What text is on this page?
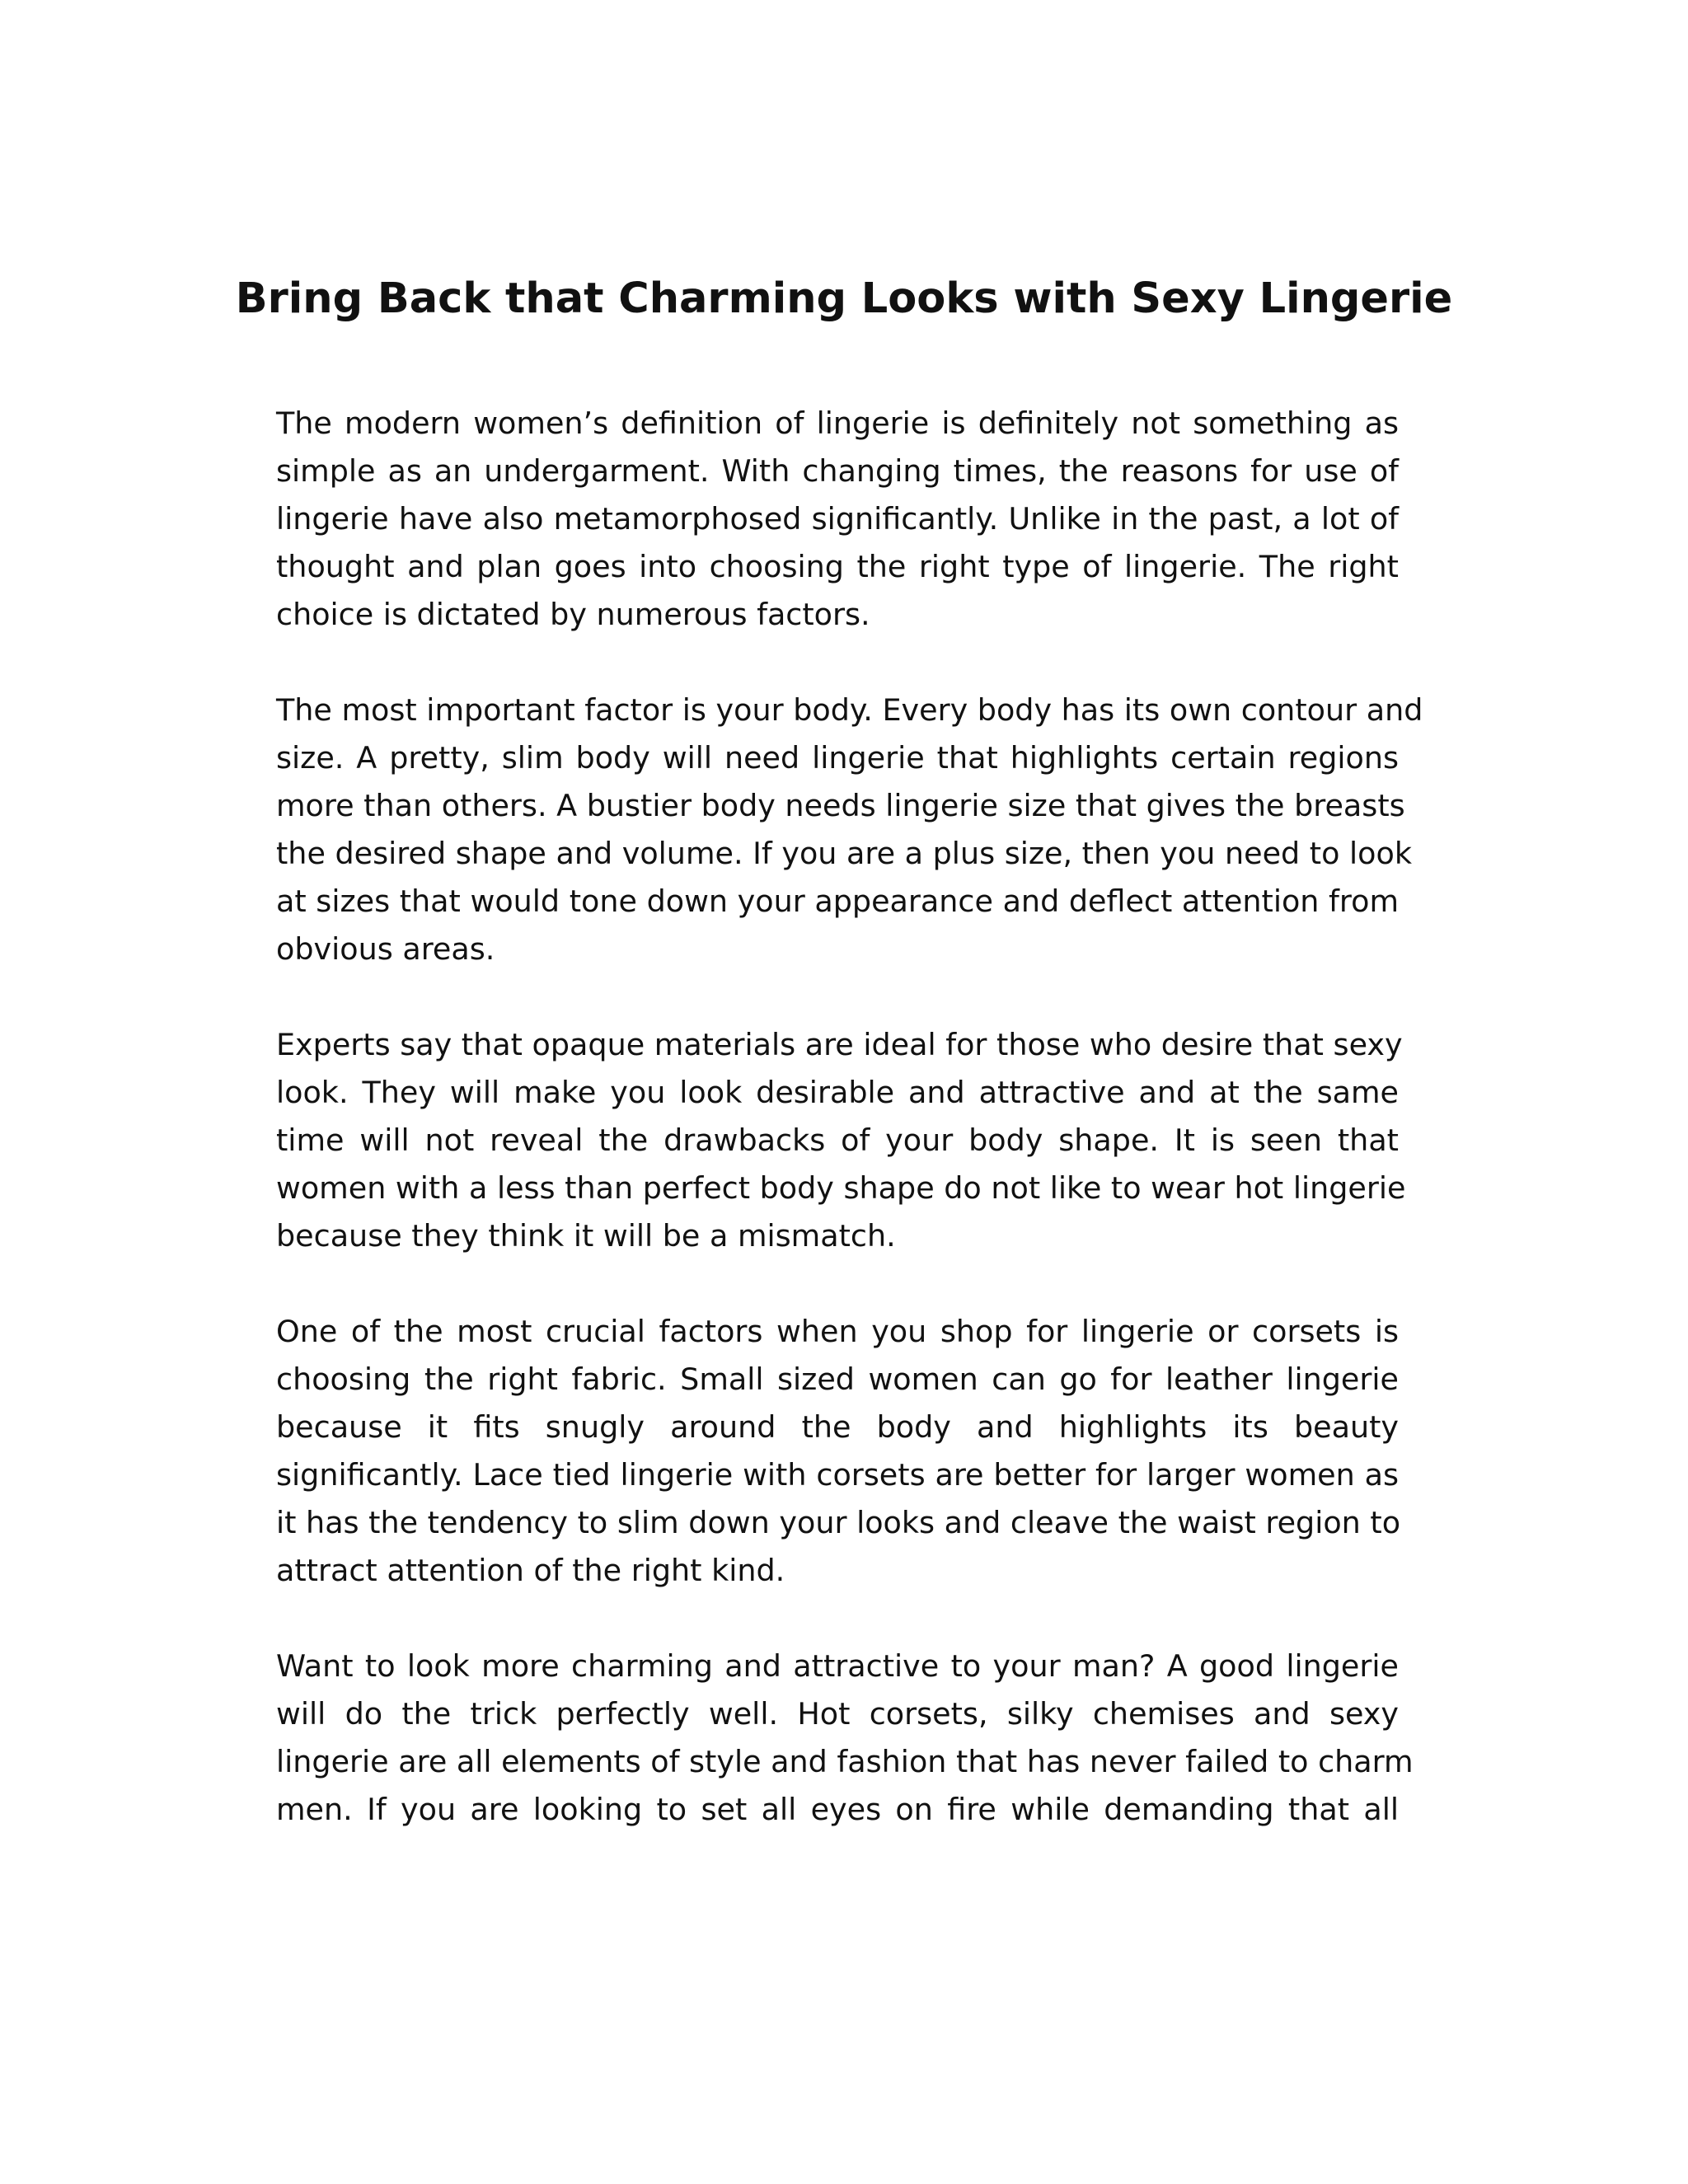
Bring Back that Charming Looks with Sexy Lingerie

The modern women’s definition of lingerie is definitely not something as
simple as an undergarment. With changing times, the reasons for use of
lingerie have also metamorphosed significantly. Unlike in the past, a lot of
thought and plan goes into choosing the right type of lingerie. The right
choice is dictated by numerous factors.

The most important factor is your body. Every body has its own contour and
size. A pretty, slim body will need lingerie that highlights certain regions
more than others. A bustier body needs lingerie size that gives the breasts
the desired shape and volume. If you are a plus size, then you need to look
at sizes that would tone down your appearance and deflect attention from
obvious areas.

Experts say that opaque materials are ideal for those who desire that sexy
look. They will make you look desirable and attractive and at the same
time will not reveal the drawbacks of your body shape. It is seen that
women with a less than perfect body shape do not like to wear hot lingerie
because they think it will be a mismatch.

One of the most crucial factors when you shop for lingerie or corsets is
choosing the right fabric. Small sized women can go for leather lingerie
because it fits snugly around the body and highlights its beauty
significantly. Lace tied lingerie with corsets are better for larger women as
it has the tendency to slim down your looks and cleave the waist region to
attract attention of the right kind.

Want to look more charming and attractive to your man? A good lingerie
will do the trick perfectly well. Hot corsets, silky chemises and sexy
lingerie are all elements of style and fashion that has never failed to charm
men. If you are looking to set all eyes on fire while demanding that all
